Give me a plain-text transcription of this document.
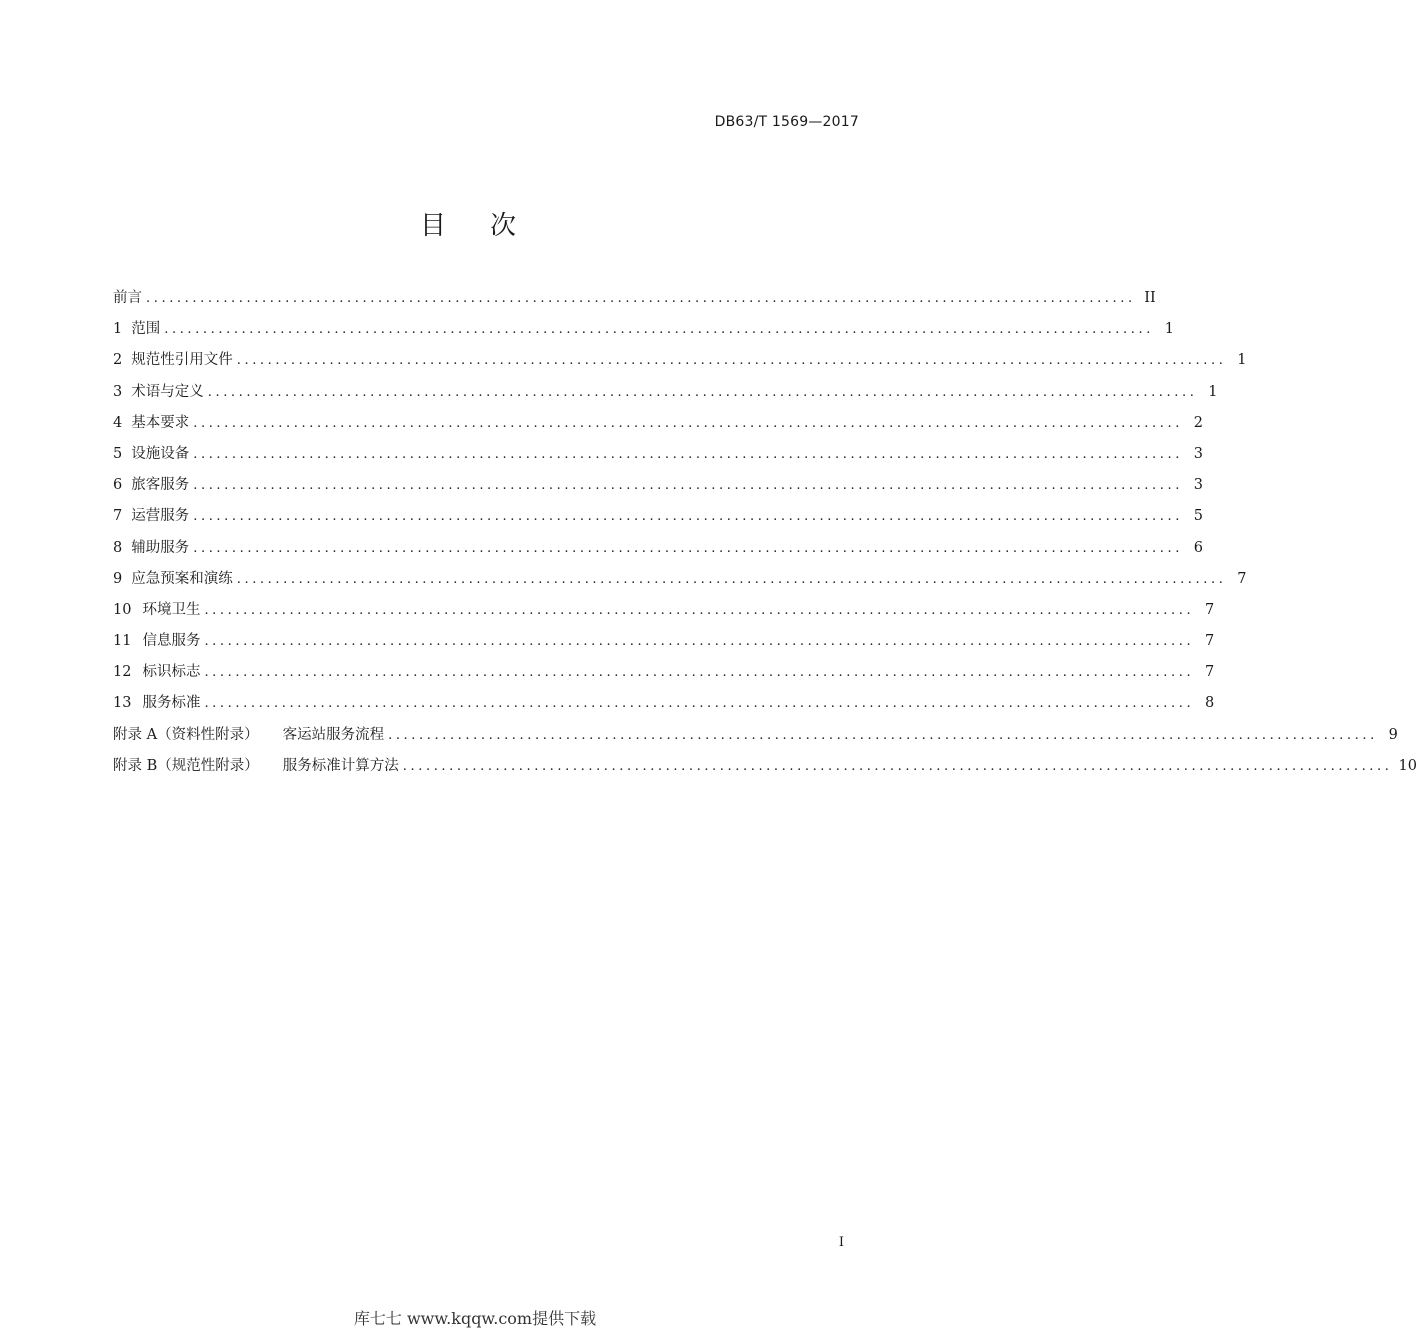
DB63/T 1569—2017
目次
前言 ................................................................................................................................ II
1 范围 ................................................................................................................................ 1
2 规范性引用文件 ................................................................................................................................ 1
3 术语与定义 ................................................................................................................................ 1
4 基本要求 ................................................................................................................................ 2
5 设施设备 ................................................................................................................................ 3
6 旅客服务 ................................................................................................................................ 3
7 运营服务 ................................................................................................................................ 5
8 辅助服务 ................................................................................................................................ 6
9 应急预案和演练 ................................................................................................................................ 7
10 环境卫生 ................................................................................................................................ 7
11 信息服务 ................................................................................................................................ 7
12 标识标志 ................................................................................................................................ 7
13 服务标准 ................................................................................................................................ 8
附录 A（资料性附录）	客运站服务流程 ................................................................................................................................ 9
附录 B（规范性附录）	服务标准计算方法 ................................................................................................................................ 10
I
库七七 www.kqqw.com提供下载
